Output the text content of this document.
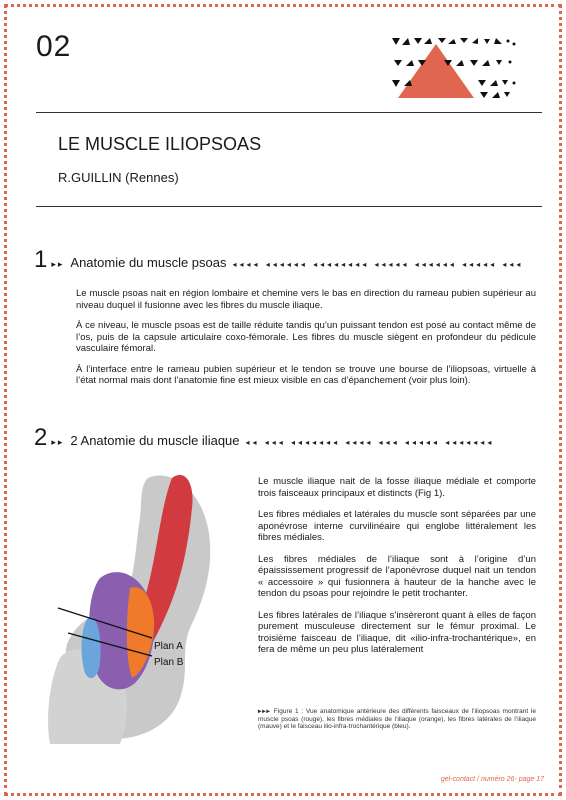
02
LE MUSCLE ILIOPSOAS
R.GUILLIN (Rennes)
1 ▸▸ Anatomie du muscle psoas ◂◂◂◂ ◂◂◂◂◂◂ ◂◂◂◂◂◂◂◂ ◂◂◂◂◂ ◂◂◂◂◂◂ ◂◂◂◂◂ ◂◂◂

Le muscle psoas nait en région lombaire et chemine vers le bas en direction du rameau pubien supérieur au niveau duquel il fusionne avec les fibres du muscle iliaque.

À ce niveau, le muscle psoas est de taille réduite tandis qu’un puissant tendon est posé au contact même de l’os, puis de la capsule articulaire coxo-fémorale. Les fibres du muscle siègent en profondeur du pédicule vasculaire fémoral.

À l’interface entre le rameau pubien supérieur et le tendon se trouve une bourse de l’iliopsoas, virtuelle à l’état normal mais dont l’anatomie fine est mieux visible en cas d’épanchement (voir plus loin).

2 ▸▸ 2 Anatomie du muscle iliaque ◂◂ ◂◂◂ ◂◂◂◂◂◂◂ ◂◂◂◂ ◂◂◂ ◂◂◂◂◂ ◂◂◂◂◂◂◂
Plan A
Plan B

Le muscle iliaque nait de la fosse iliaque médiale et comporte trois faisceaux principaux et distincts (Fig 1).

Les fibres médiales et latérales du muscle sont séparées par une aponévrose interne curvilinéaire qui englobe littéralement les fibres médiales.

Les fibres médiales de l’iliaque sont à l’origine d’un épaississement progressif de l’aponévrose duquel nait un tendon « accessoire » qui fusionnera à hauteur de la hanche avec le tendon du psoas pour rejoindre le petit trochanter.

Les fibres latérales de l’iliaque s’insèreront quant à elles de façon purement musculeuse directement sur le fémur proximal. Le troisième faisceau de l’iliaque, dit «ilio-infra-trochantérique», en fera de même un peu plus latéralement

▸▸▸ Figure 1 : Vue anatomique antérieure des différents faisceaux de l’iliopsoas montrant le muscle psoas (rouge), les fibres médiales de l’iliaque (orange), les fibres latérales de l’iliaque (mauve) et le faisceau ilio-infra-trochantérique (bleu).
gel-contact / numéro 26- page 17
